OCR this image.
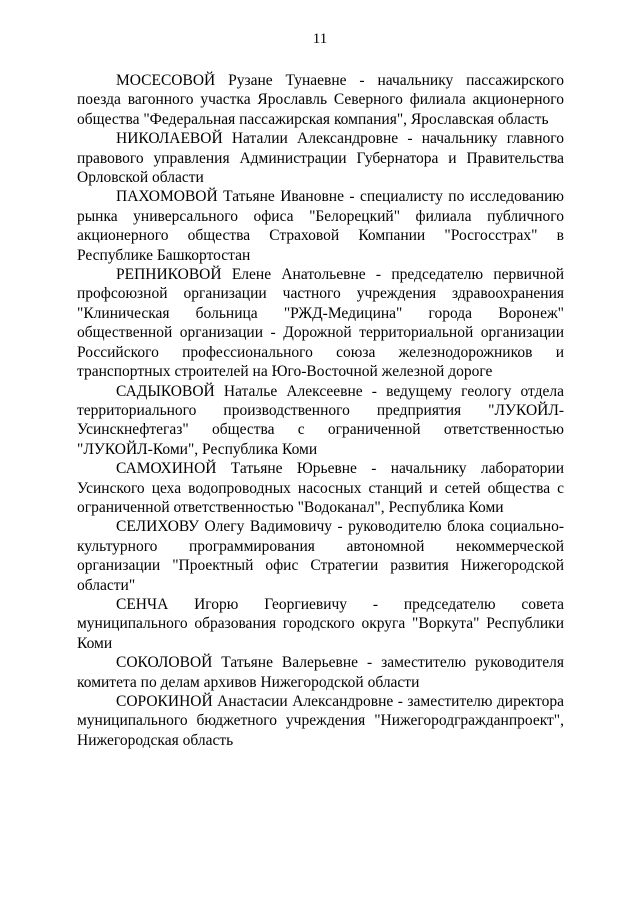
11

МОСЕСОВОЙ Рузане Тунаевне - начальнику пассажирского поезда вагонного участка Ярославль Северного филиала акционерного общества "Федеральная пассажирская компания", Ярославская область

НИКОЛАЕВОЙ Наталии Александровне - начальнику главного правового управления Администрации Губернатора и Правительства Орловской области

ПАХОМОВОЙ Татьяне Ивановне - специалисту по исследованию рынка универсального офиса "Белорецкий" филиала публичного акционерного общества Страховой Компании "Росгосстрах" в Республике Башкортостан

РЕПНИКОВОЙ Елене Анатольевне - председателю первичной профсоюзной организации частного учреждения здравоохранения "Клиническая больница "РЖД-Медицина" города Воронеж" общественной организации - Дорожной территориальной организации Российского профессионального союза железнодорожников и транспортных строителей на Юго-Восточной железной дороге

САДЫКОВОЙ Наталье Алексеевне - ведущему геологу отдела территориального производственного предприятия "ЛУКОЙЛ-Усинскнефтегаз" общества с ограниченной ответственностью "ЛУКОЙЛ-Коми", Республика Коми

САМОХИНОЙ Татьяне Юрьевне - начальнику лаборатории Усинского цеха водопроводных насосных станций и сетей общества с ограниченной ответственностью "Водоканал", Республика Коми

СЕЛИХОВУ Олегу Вадимовичу - руководителю блока социально-культурного программирования автономной некоммерческой организации "Проектный офис Стратегии развития Нижегородской области"

СЕНЧА Игорю Георгиевичу - председателю совета муниципального образования городского округа "Воркута" Республики Коми

СОКОЛОВОЙ Татьяне Валерьевне - заместителю руководителя комитета по делам архивов Нижегородской области

СОРОКИНОЙ Анастасии Александровне - заместителю директора муниципального бюджетного учреждения "Нижегородгражданпроект", Нижегородская область
